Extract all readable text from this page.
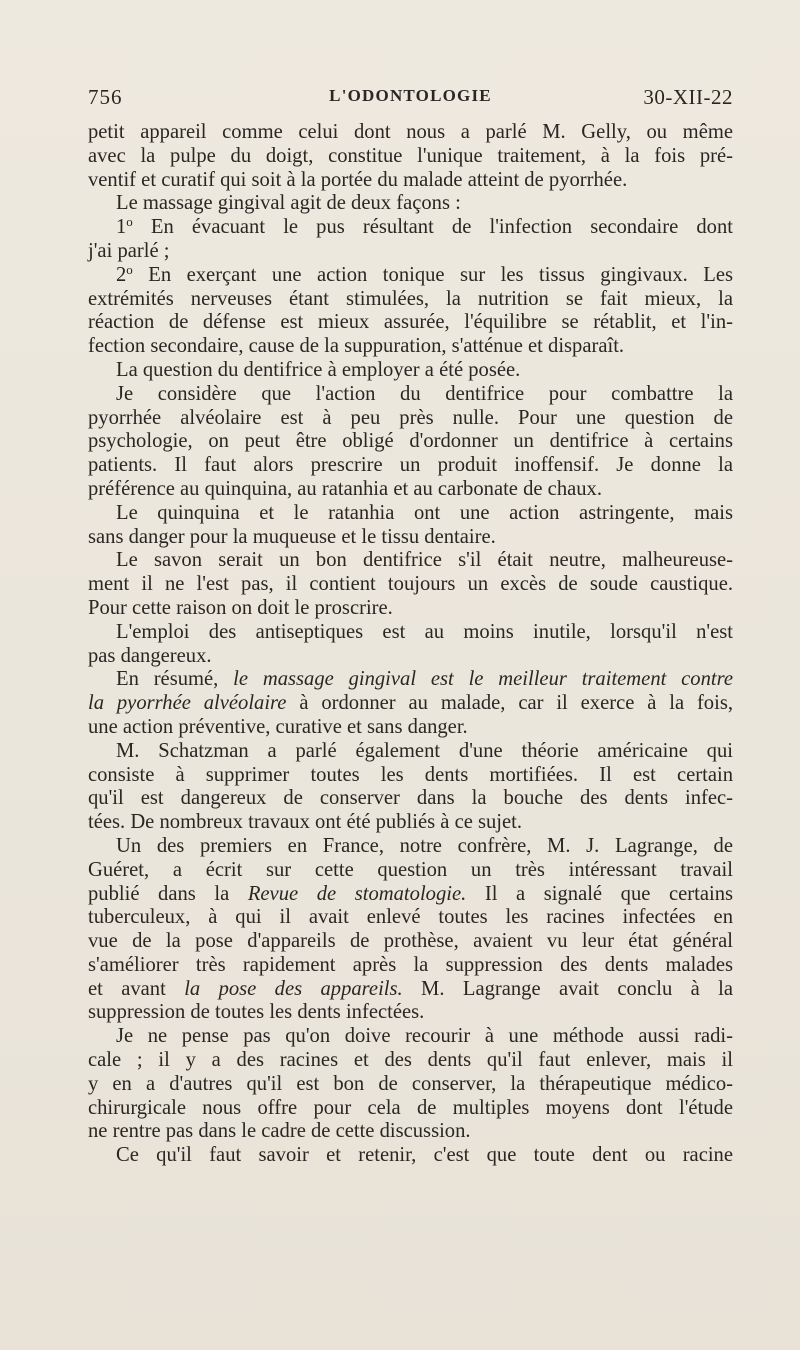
756	L'ODONTOLOGIE	30-XII-22
petit appareil comme celui dont nous a parlé M. Gelly, ou même
avec la pulpe du doigt, constitue l'unique traitement, à la fois pré-
ventif et curatif qui soit à la portée du malade atteint de pyorrhée.
Le massage gingival agit de deux façons :
1$^o$ En évacuant le pus résultant de l'infection secondaire dont
j'ai parlé ;
2$^o$ En exerçant une action tonique sur les tissus gingivaux. Les
extrémités nerveuses étant stimulées, la nutrition se fait mieux, la
réaction de défense est mieux assurée, l'équilibre se rétablit, et l'in-
fection secondaire, cause de la suppuration, s'atténue et disparaît.
La question du dentifrice à employer a été posée.
Je considère que l'action du dentifrice pour combattre la
pyorrhée alvéolaire est à peu près nulle. Pour une question de
psychologie, on peut être obligé d'ordonner un dentifrice à certains
patients. Il faut alors prescrire un produit inoffensif. Je donne la
préférence au quinquina, au ratanhia et au carbonate de chaux.
Le quinquina et le ratanhia ont une action astringente, mais
sans danger pour la muqueuse et le tissu dentaire.
Le savon serait un bon dentifrice s'il était neutre, malheureuse-
ment il ne l'est pas, il contient toujours un excès de soude caustique.
Pour cette raison on doit le proscrire.
L'emploi des antiseptiques est au moins inutile, lorsqu'il n'est
pas dangereux.
En résumé, le massage gingival est le meilleur traitement contre
la pyorrhée alvéolaire à ordonner au malade, car il exerce à la fois,
une action préventive, curative et sans danger.
M. Schatzman a parlé également d'une théorie américaine qui
consiste à supprimer toutes les dents mortifiées. Il est certain
qu'il est dangereux de conserver dans la bouche des dents infec-
tées. De nombreux travaux ont été publiés à ce sujet.
Un des premiers en France, notre confrère, M. J. Lagrange, de
Guéret, a écrit sur cette question un très intéressant travail
publié dans la Revue de stomatologie. Il a signalé que certains
tuberculeux, à qui il avait enlevé toutes les racines infectées en
vue de la pose d'appareils de prothèse, avaient vu leur état général
s'améliorer très rapidement après la suppression des dents malades
et avant la pose des appareils. M. Lagrange avait conclu à la
suppression de toutes les dents infectées.
Je ne pense pas qu'on doive recourir à une méthode aussi radi-
cale ; il y a des racines et des dents qu'il faut enlever, mais il
y en a d'autres qu'il est bon de conserver, la thérapeutique médico-
chirurgicale nous offre pour cela de multiples moyens dont l'étude
ne rentre pas dans le cadre de cette discussion.
Ce qu'il faut savoir et retenir, c'est que toute dent ou racine
